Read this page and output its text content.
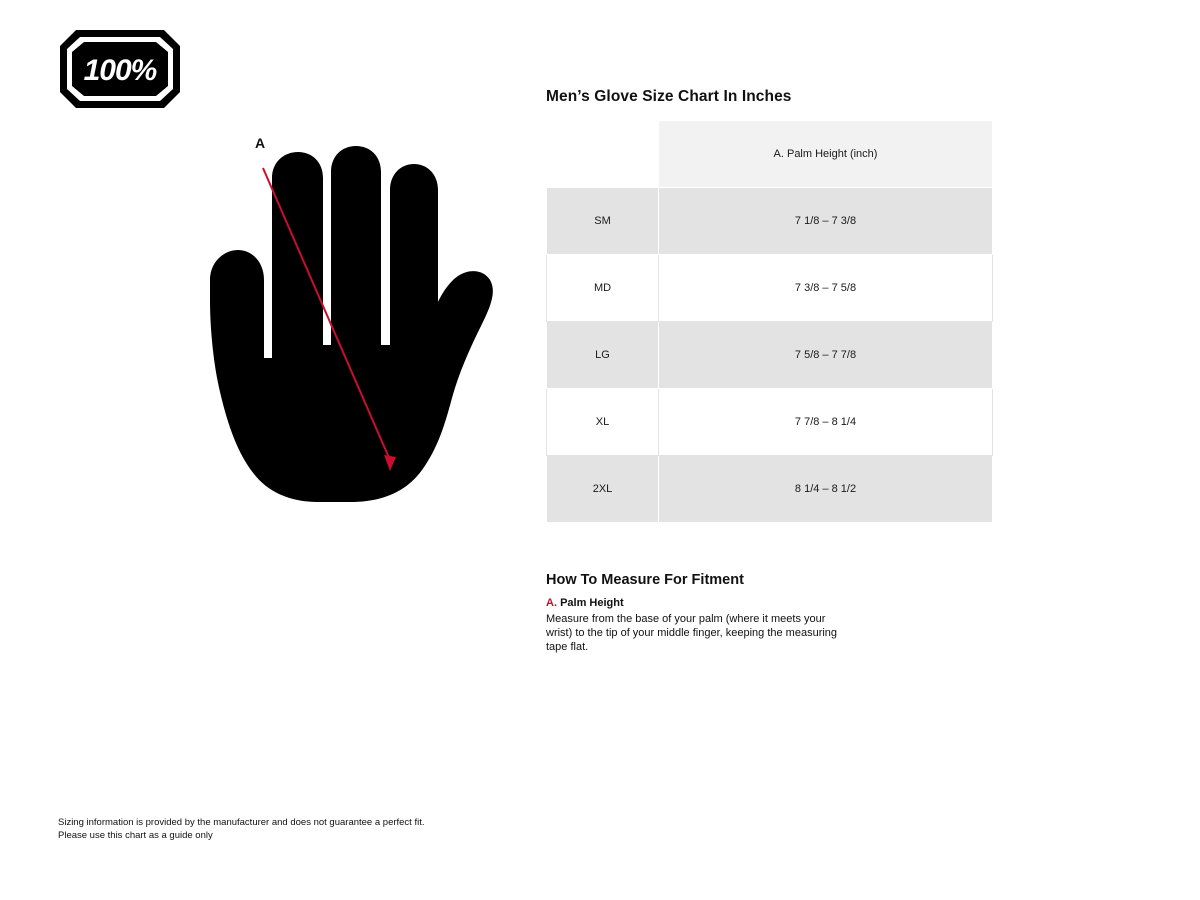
100%
A
Men’s Glove Size Chart In Inches
	A. Palm Height (inch)
SM	7 1/8 – 7 3/8
MD	7 3/8 – 7 5/8
LG	7 5/8 – 7 7/8
XL	7 7/8 – 8 1/4
2XL	8 1/4 – 8 1/2
How To Measure For Fitment

A. Palm Height

Measure from the base of your palm (where it meets your wrist) to the tip of your middle finger, keeping the measuring tape flat.

Sizing information is provided by the manufacturer and does not guarantee a perfect fit.
Please use this chart as a guide only
